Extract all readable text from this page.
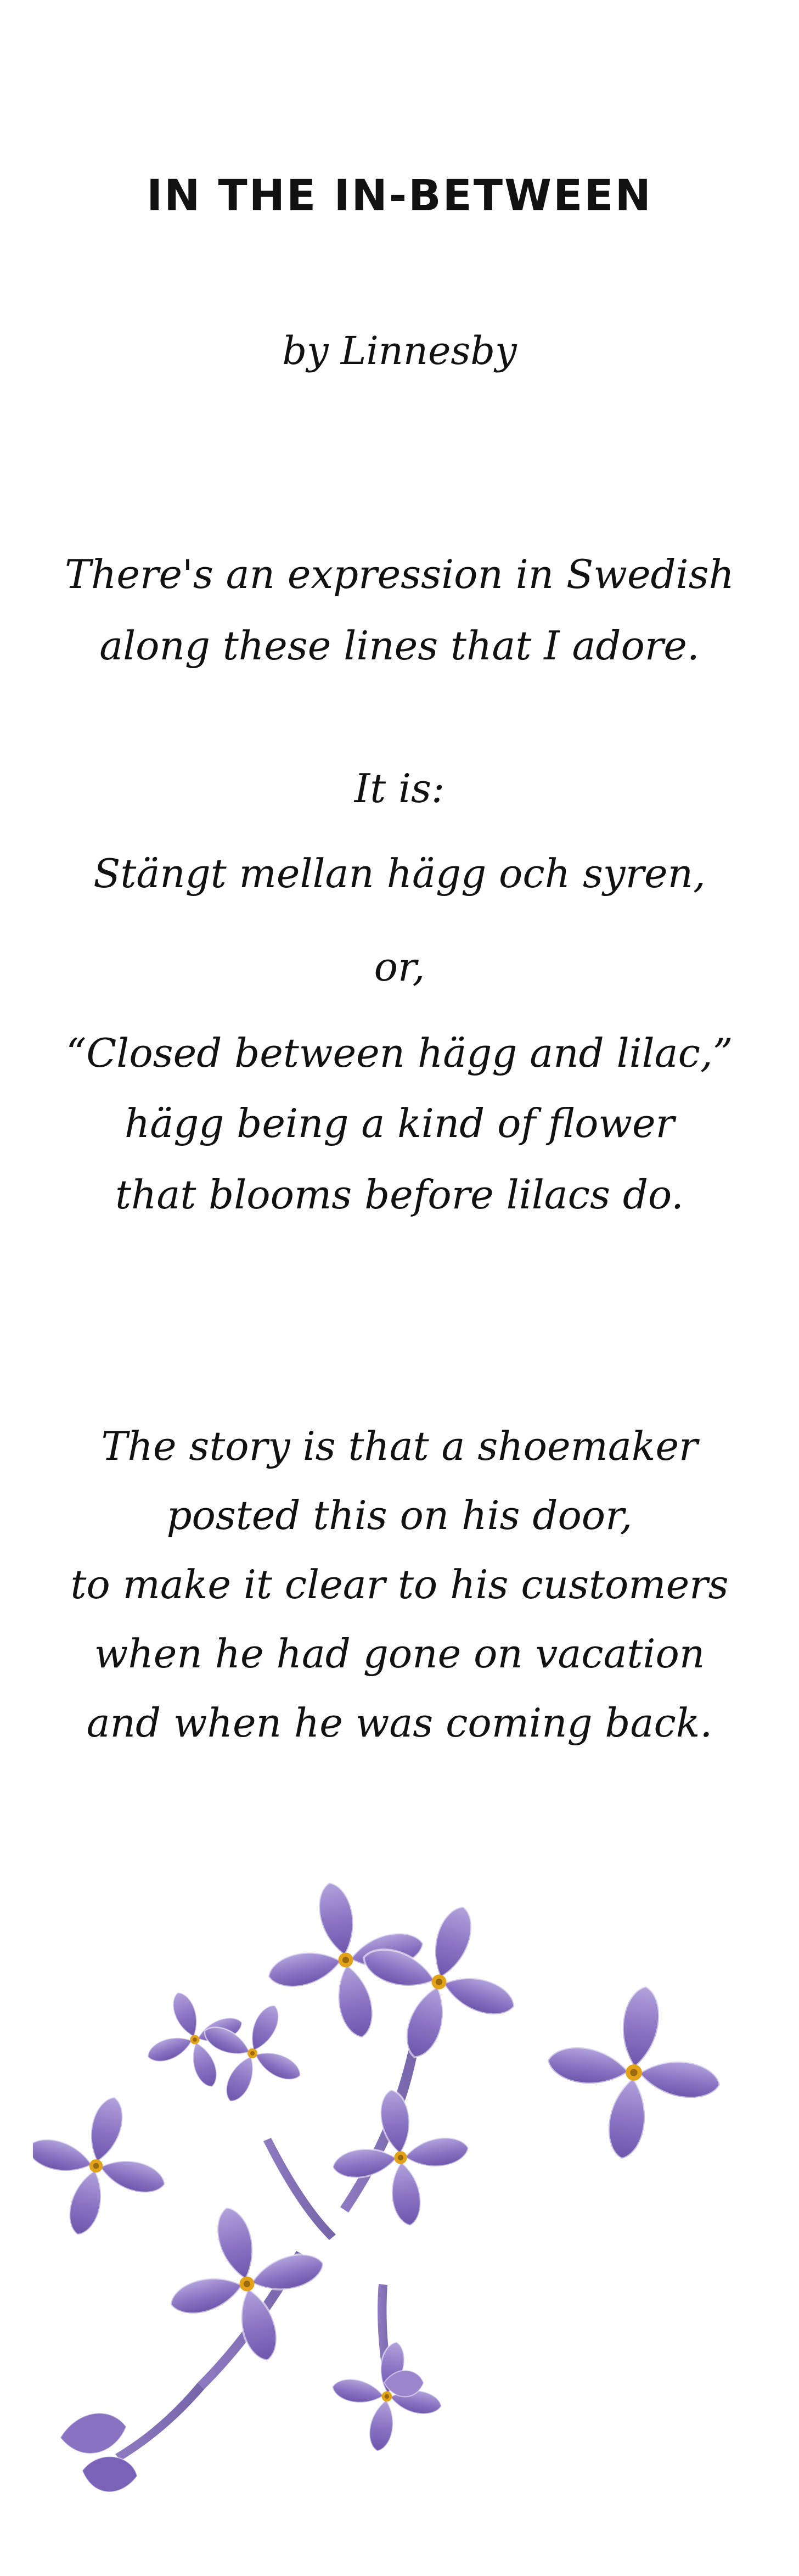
IN THE IN-BETWEEN
by Linnesby
There's an expression in Swedish
along these lines that I adore.
It is:
Stängt mellan hägg och syren,
or,
“Closed between hägg and lilac,”
hägg being a kind of flower
that blooms before lilacs do.
The story is that a shoemaker
posted this on his door,
to make it clear to his customers
when he had gone on vacation
and when he was coming back.
